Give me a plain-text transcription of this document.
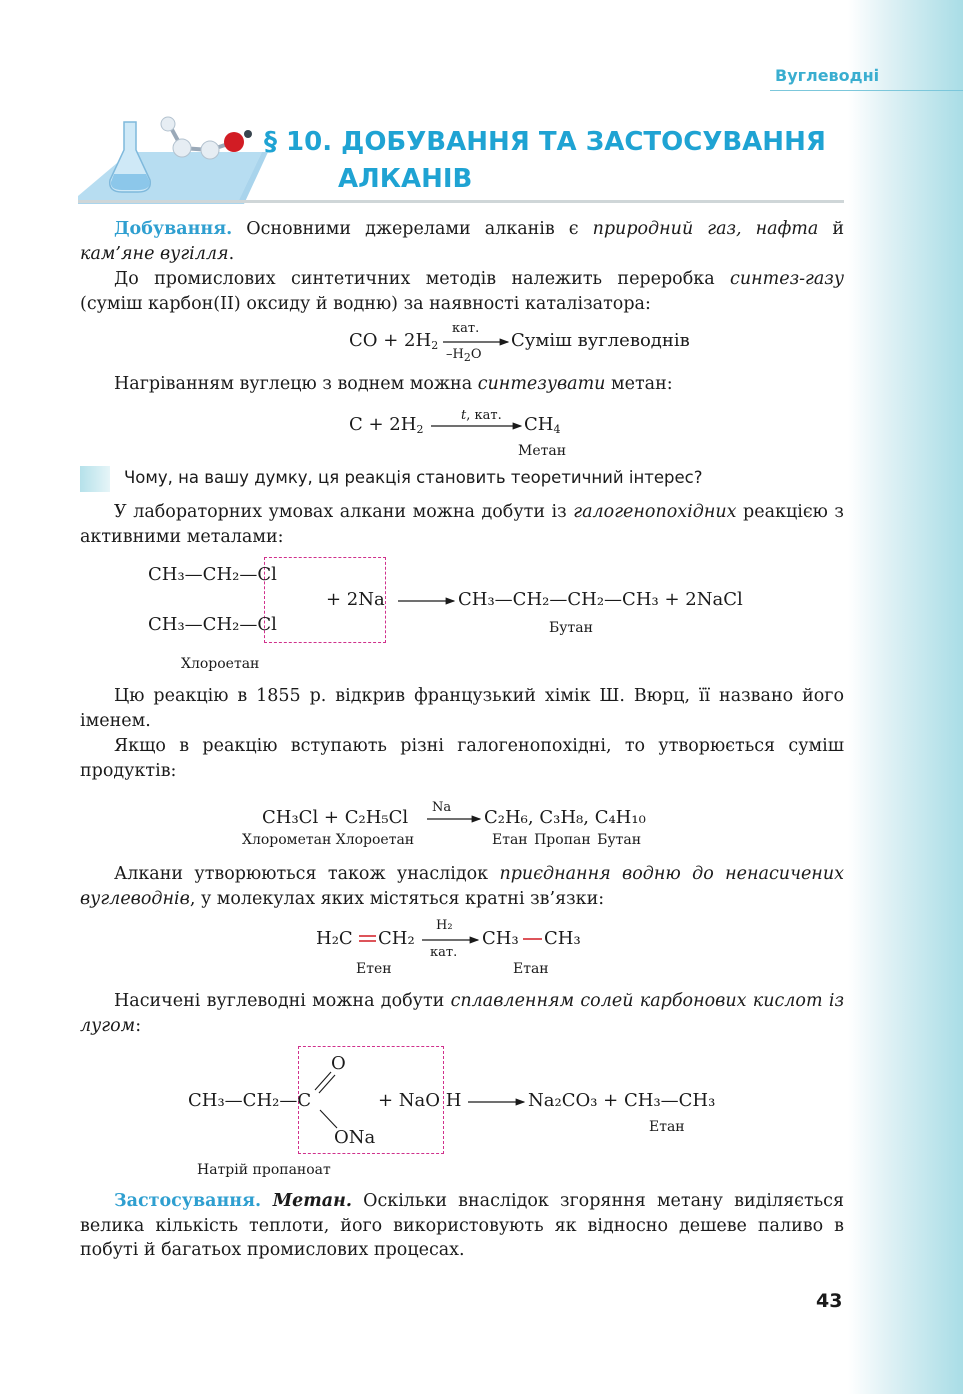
Вуглеводні
§ 10. ДОБУВАННЯ ТА ЗАСТОСУВАННЯ
АЛКАНІВ
Добування. Основними джерелами алканів є природний газ, нафта й кам’яне вугілля.
До промислових синтетичних методів належить переробка синтез-газу (суміш карбон(ІІ) оксиду й водню) за наявності каталізатора:
CO + $2H_2$
кат.
$-H_2O$
Суміш вуглеводнів
Нагріванням вуглецю з воднем можна синтезувати метан:
$C + 2H_2$
t, кат. $CH_4$
Метан
Чому, на вашу думку, ця реакція становить теоретичний інтерес?
У лабораторних умовах алкани можна добути із галогенопохідних реакцією з активними металами:
CH₃—CH₂—Cl
CH₃—CH₂—Cl
+ 2Na	CH₃—CH₂—CH₂—CH₃ + 2NaCl
Бутан
Хлороетан
Цю реакцію в 1855 р. відкрив французький хімік Ш. Вюрц, її названо його іменем.
Якщо в реакцію вступають різні галогенопохідні, то утворюється суміш продуктів:
CH₃Cl + C₂H₅Cl Na C₂H₆, C₃H₈, C₄H₁₀
Хлорометан Хлороетан	Етан Пропан Бутан
Алкани утворюються також унаслідок приєднання водню до ненасичених вуглеводнів, у молекулах яких містяться кратні зв’язки:
H₂C CH₂
H₂
кат.
CH₃ CH₃
Етен	Етан
Насичені вуглеводні можна добути сплавленням солей карбонових кислот із лугом:
CH₃—CH₂—C
O
ONa
+ NaO H	Na₂CO₃ + CH₃—CH₃
Етан
Натрій пропаноат
Застосування. Метан. Оскільки внаслідок згоряння метану виділяється велика кількість теплоти, його використовують як відносно дешеве паливо в побуті й багатьох промислових процесах.
43
